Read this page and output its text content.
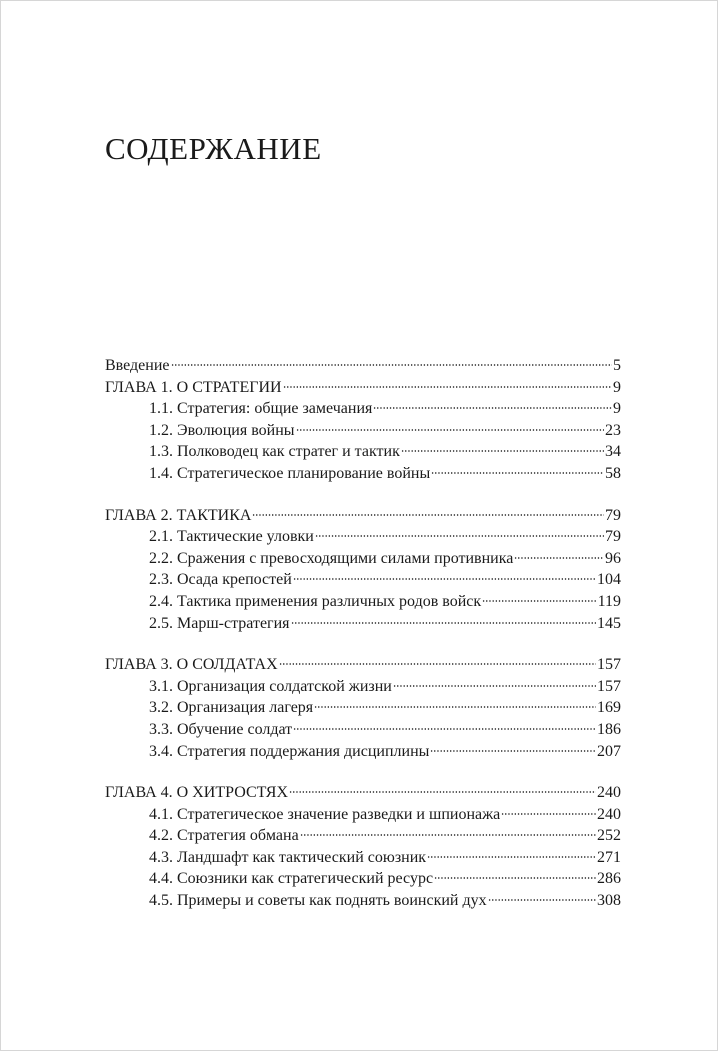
СОДЕРЖАНИЕ
Введение	5
ГЛАВА 1. О СТРАТЕГИИ	9
1.1. Стратегия: общие замечания	9
1.2. Эволюция войны	23
1.3. Полководец как стратег и тактик	34
1.4. Стратегическое планирование войны	58
ГЛАВА 2. ТАКТИКА	79
2.1. Тактические уловки	79
2.2. Сражения с превосходящими силами противника	96
2.3. Осада крепостей	104
2.4. Тактика применения различных родов войск	119
2.5. Марш-стратегия	145
ГЛАВА 3. О СОЛДАТАХ	157
3.1. Организация солдатской жизни	157
3.2. Организация лагеря	169
3.3. Обучение солдат	186
3.4. Стратегия поддержания дисциплины	207
ГЛАВА 4. О ХИТРОСТЯХ	240
4.1. Стратегическое значение разведки и шпионажа	240
4.2. Стратегия обмана	252
4.3. Ландшафт как тактический союзник	271
4.4. Союзники как стратегический ресурс	286
4.5. Примеры и советы как поднять воинский дух	308
